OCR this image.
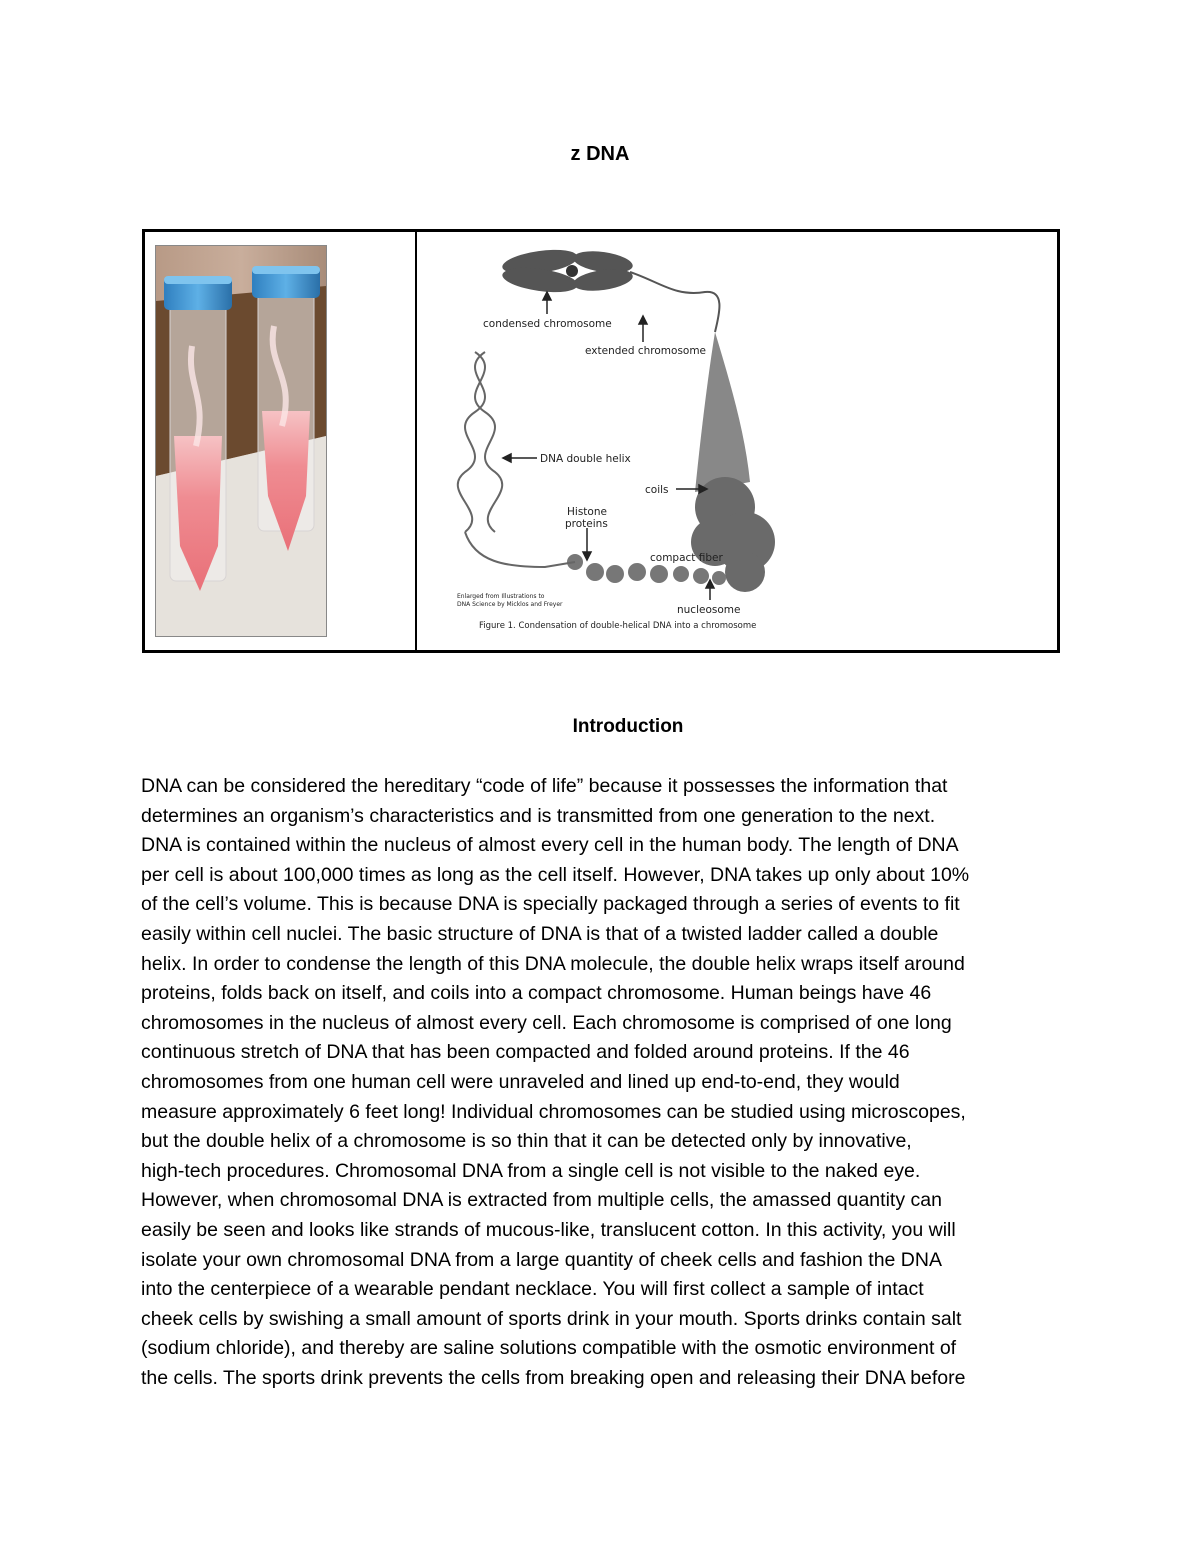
z DNA
condensed chromosome
extended chromosome
DNA double helix
coils
Histone
proteins
compact fiber
nucleosome
Enlarged from Illustrations to
DNA Science by Micklos and Freyer
Figure 1. Condensation of double-helical DNA into a chromosome
Introduction

DNA can be considered the hereditary “code of life” because it possesses the information that
determines an organism’s characteristics and is transmitted from one generation to the next.
DNA is contained within the nucleus of almost every cell in the human body. The length of DNA
per cell is about 100,000 times as long as the cell itself. However, DNA takes up only about 10%
of the cell’s volume. This is because DNA is specially packaged through a series of events to fit
easily within cell nuclei. The basic structure of DNA is that of a twisted ladder called a double
helix. In order to condense the length of this DNA molecule, the double helix wraps itself around
proteins, folds back on itself, and coils into a compact chromosome. Human beings have 46
chromosomes in the nucleus of almost every cell. Each chromosome is comprised of one long
continuous stretch of DNA that has been compacted and folded around proteins. If the 46
chromosomes from one human cell were unraveled and lined up end-to-end, they would
measure approximately 6 feet long! Individual chromosomes can be studied using microscopes,
but the double helix of a chromosome is so thin that it can be detected only by innovative,
high-tech procedures. Chromosomal DNA from a single cell is not visible to the naked eye.
However, when chromosomal DNA is extracted from multiple cells, the amassed quantity can
easily be seen and looks like strands of mucous-like, translucent cotton. In this activity, you will
isolate your own chromosomal DNA from a large quantity of cheek cells and fashion the DNA
into the centerpiece of a wearable pendant necklace. You will first collect a sample of intact
cheek cells by swishing a small amount of sports drink in your mouth. Sports drinks contain salt
(sodium chloride), and thereby are saline solutions compatible with the osmotic environment of
the cells. The sports drink prevents the cells from breaking open and releasing their DNA before
